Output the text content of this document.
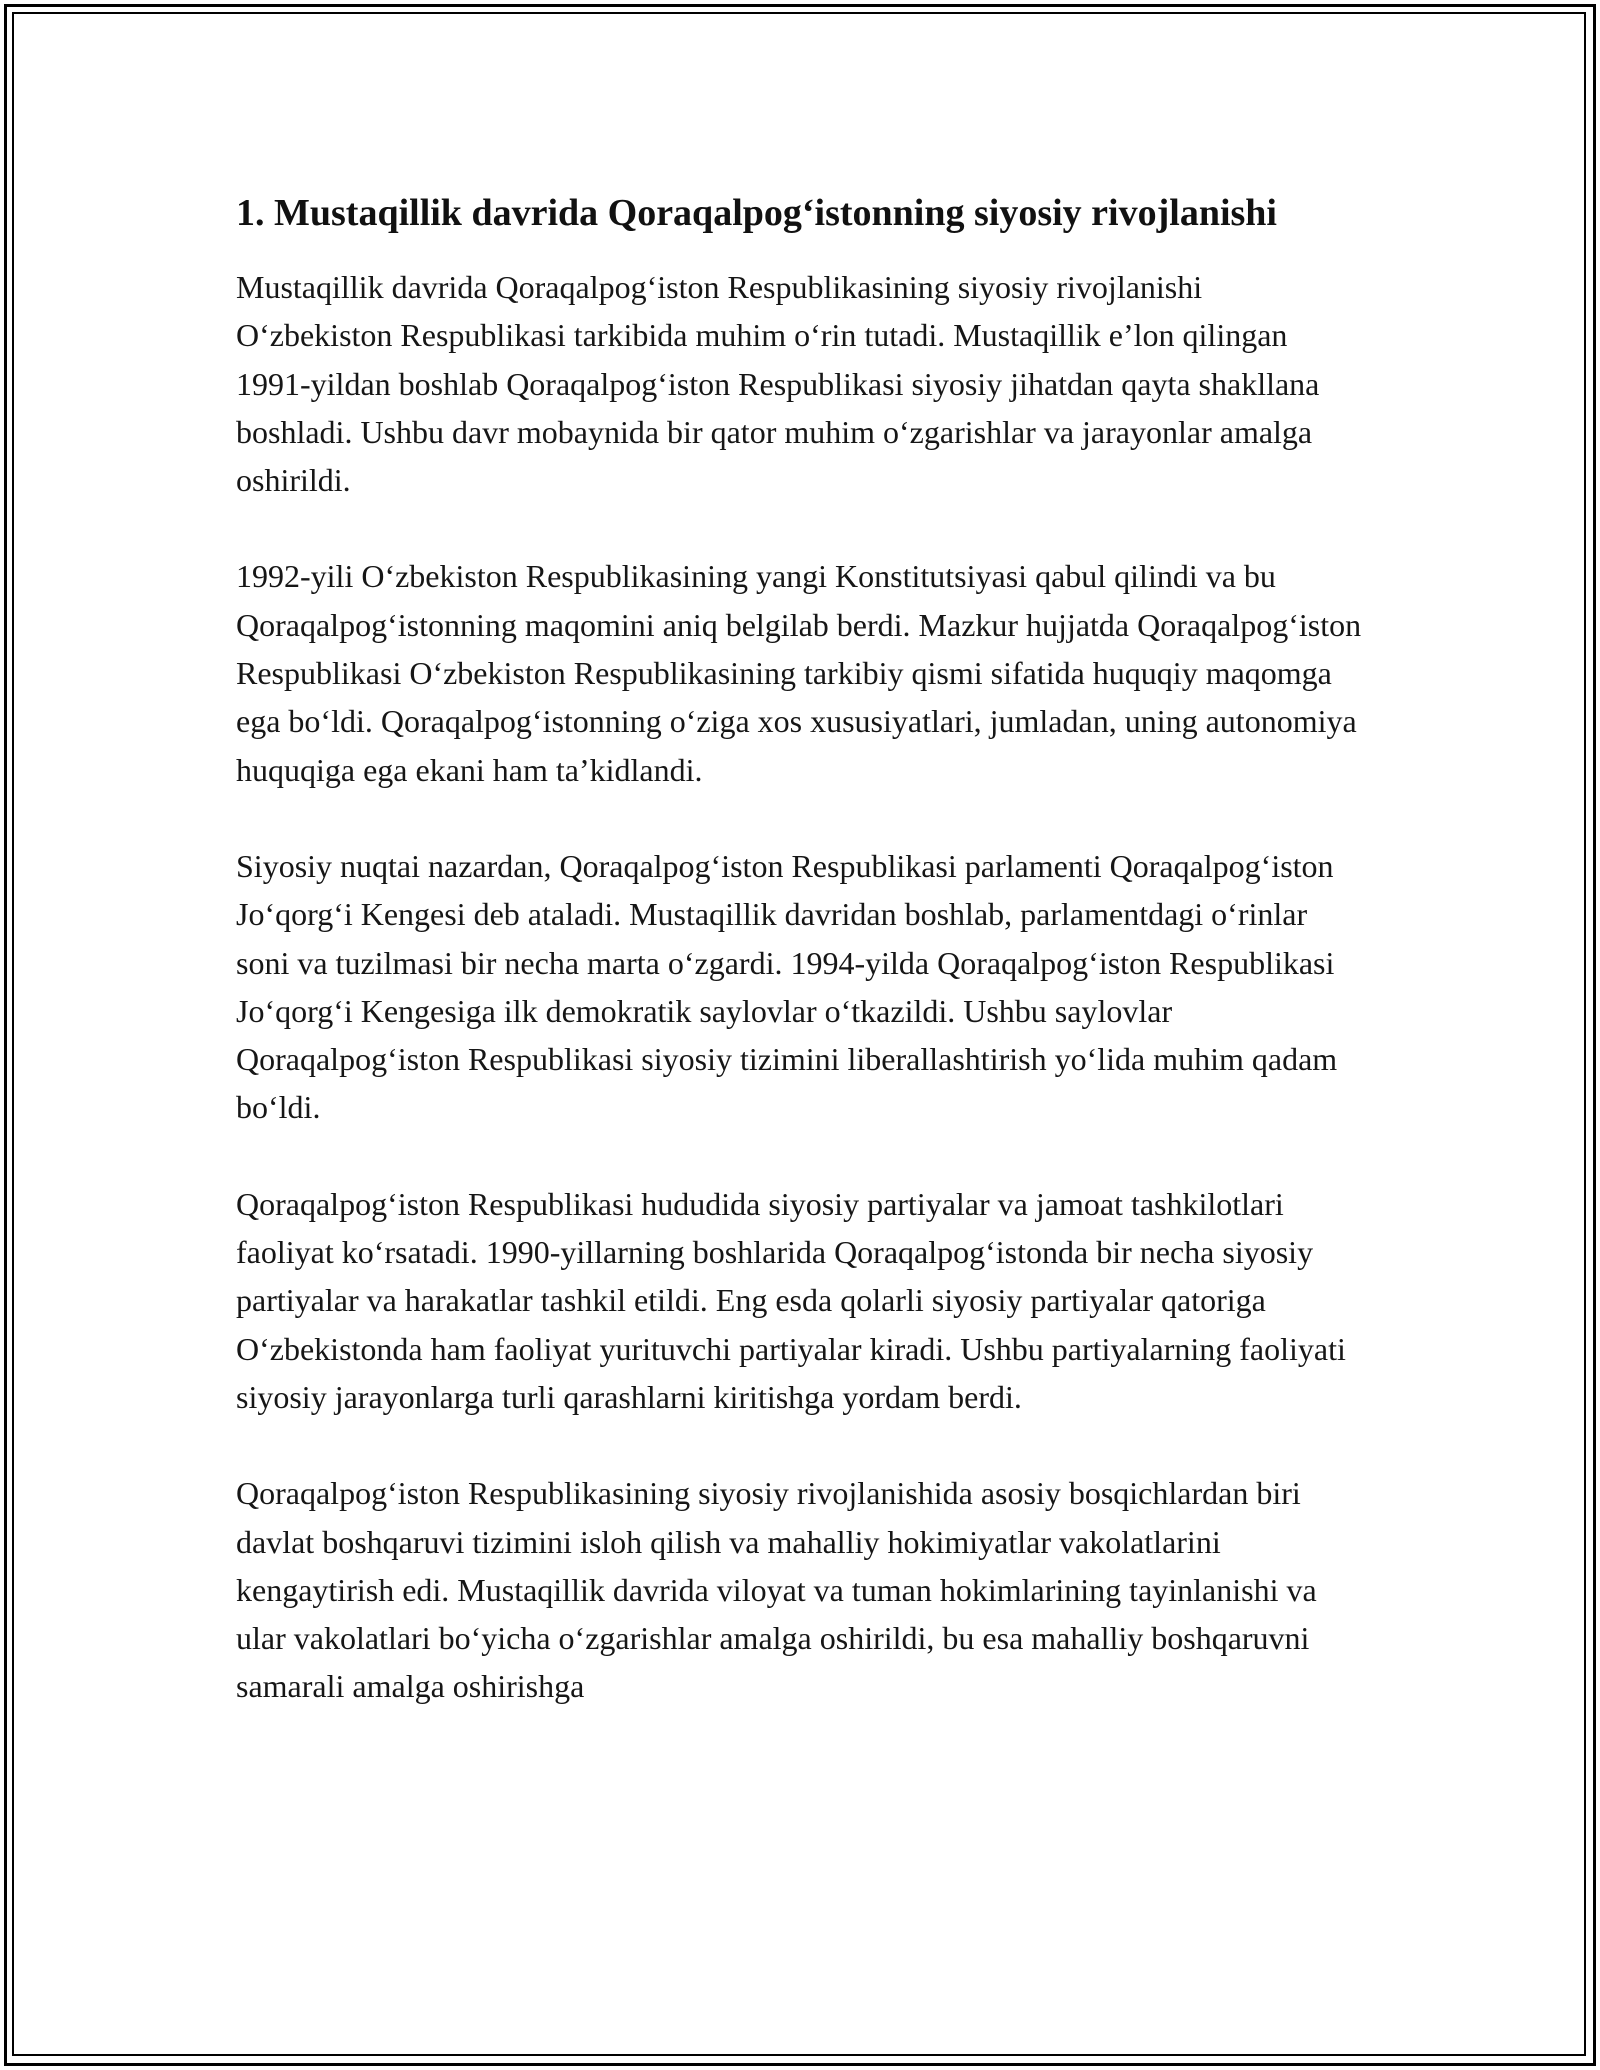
1. Mustaqillik davrida Qoraqalpog‘istonning siyosiy rivojlanishi

Mustaqillik davrida Qoraqalpog‘iston Respublikasining siyosiy rivojlanishi O‘zbekiston Respublikasi tarkibida muhim o‘rin tutadi. Mustaqillik e’lon qilingan 1991-yildan boshlab Qoraqalpog‘iston Respublikasi siyosiy jihatdan qayta shakllana boshladi. Ushbu davr mobaynida bir qator muhim o‘zgarishlar va jarayonlar amalga oshirildi.

1992-yili O‘zbekiston Respublikasining yangi Konstitutsiyasi qabul qilindi va bu Qoraqalpog‘istonning maqomini aniq belgilab berdi. Mazkur hujjatda Qoraqalpog‘iston Respublikasi O‘zbekiston Respublikasining tarkibiy qismi sifatida huquqiy maqomga ega bo‘ldi. Qoraqalpog‘istonning o‘ziga xos xususiyatlari, jumladan, uning autonomiya huquqiga ega ekani ham ta’kidlandi.

Siyosiy nuqtai nazardan, Qoraqalpog‘iston Respublikasi parlamenti Qoraqalpog‘iston Jo‘qorg‘i Kengesi deb ataladi. Mustaqillik davridan boshlab, parlamentdagi o‘rinlar soni va tuzilmasi bir necha marta o‘zgardi. 1994-yilda Qoraqalpog‘iston Respublikasi Jo‘qorg‘i Kengesiga ilk demokratik saylovlar o‘tkazildi. Ushbu saylovlar Qoraqalpog‘iston Respublikasi siyosiy tizimini liberallashtirish yo‘lida muhim qadam bo‘ldi.

Qoraqalpog‘iston Respublikasi hududida siyosiy partiyalar va jamoat tashkilotlari faoliyat ko‘rsatadi. 1990-yillarning boshlarida Qoraqalpog‘istonda bir necha siyosiy partiyalar va harakatlar tashkil etildi. Eng esda qolarli siyosiy partiyalar qatoriga O‘zbekistonda ham faoliyat yurituvchi partiyalar kiradi. Ushbu partiyalarning faoliyati siyosiy jarayonlarga turli qarashlarni kiritishga yordam berdi.

Qoraqalpog‘iston Respublikasining siyosiy rivojlanishida asosiy bosqichlardan biri davlat boshqaruvi tizimini isloh qilish va mahalliy hokimiyatlar vakolatlarini kengaytirish edi. Mustaqillik davrida viloyat va tuman hokimlarining tayinlanishi va ular vakolatlari bo‘yicha o‘zgarishlar amalga oshirildi, bu esa mahalliy boshqaruvni samarali amalga oshirishga
